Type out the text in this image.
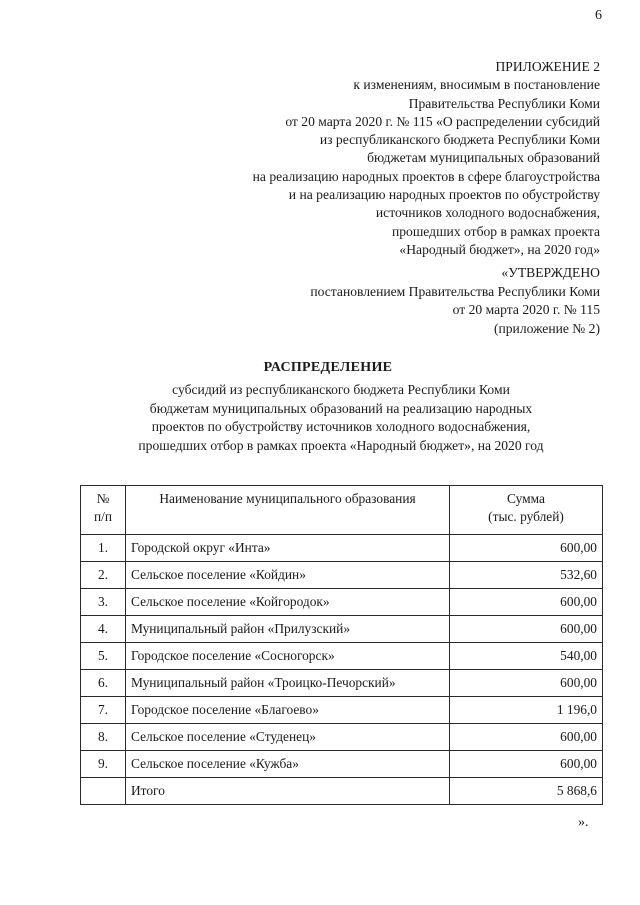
6
ПРИЛОЖЕНИЕ 2
к изменениям, вносимым в постановление
Правительства Республики Коми
от 20 марта 2020 г. № 115 «О распределении субсидий
из республиканского бюджета Республики Коми
бюджетам муниципальных образований
на реализацию народных проектов в сфере благоустройства
и на реализацию народных проектов по обустройству
источников холодного водоснабжения,
прошедших отбор в рамках проекта
«Народный бюджет», на 2020 год»
«УТВЕРЖДЕНО
постановлением Правительства Республики Коми
от 20 марта 2020 г. № 115
(приложение № 2)
РАСПРЕДЕЛЕНИЕ
субсидий из республиканского бюджета Республики Коми
бюджетам муниципальных образований на реализацию народных
проектов по обустройству источников холодного водоснабжения,
прошедших отбор в рамках проекта «Народный бюджет», на 2020 год
№
п/п	Наименование муниципального образования	Сумма
(тыс. рублей)
1.	Городской округ «Инта»	600,00
2.	Сельское поселение «Койдин»	532,60
3.	Сельское поселение «Койгородок»	600,00
4.	Муниципальный район «Прилузский»	600,00
5.	Городское поселение «Сосногорск»	540,00
6.	Муниципальный район «Троицко-Печорский»	600,00
7.	Городское поселение «Благоево»	1 196,0
8.	Сельское поселение «Студенец»	600,00
9.	Сельское поселение «Кужба»	600,00
	Итого	5 868,6
».
